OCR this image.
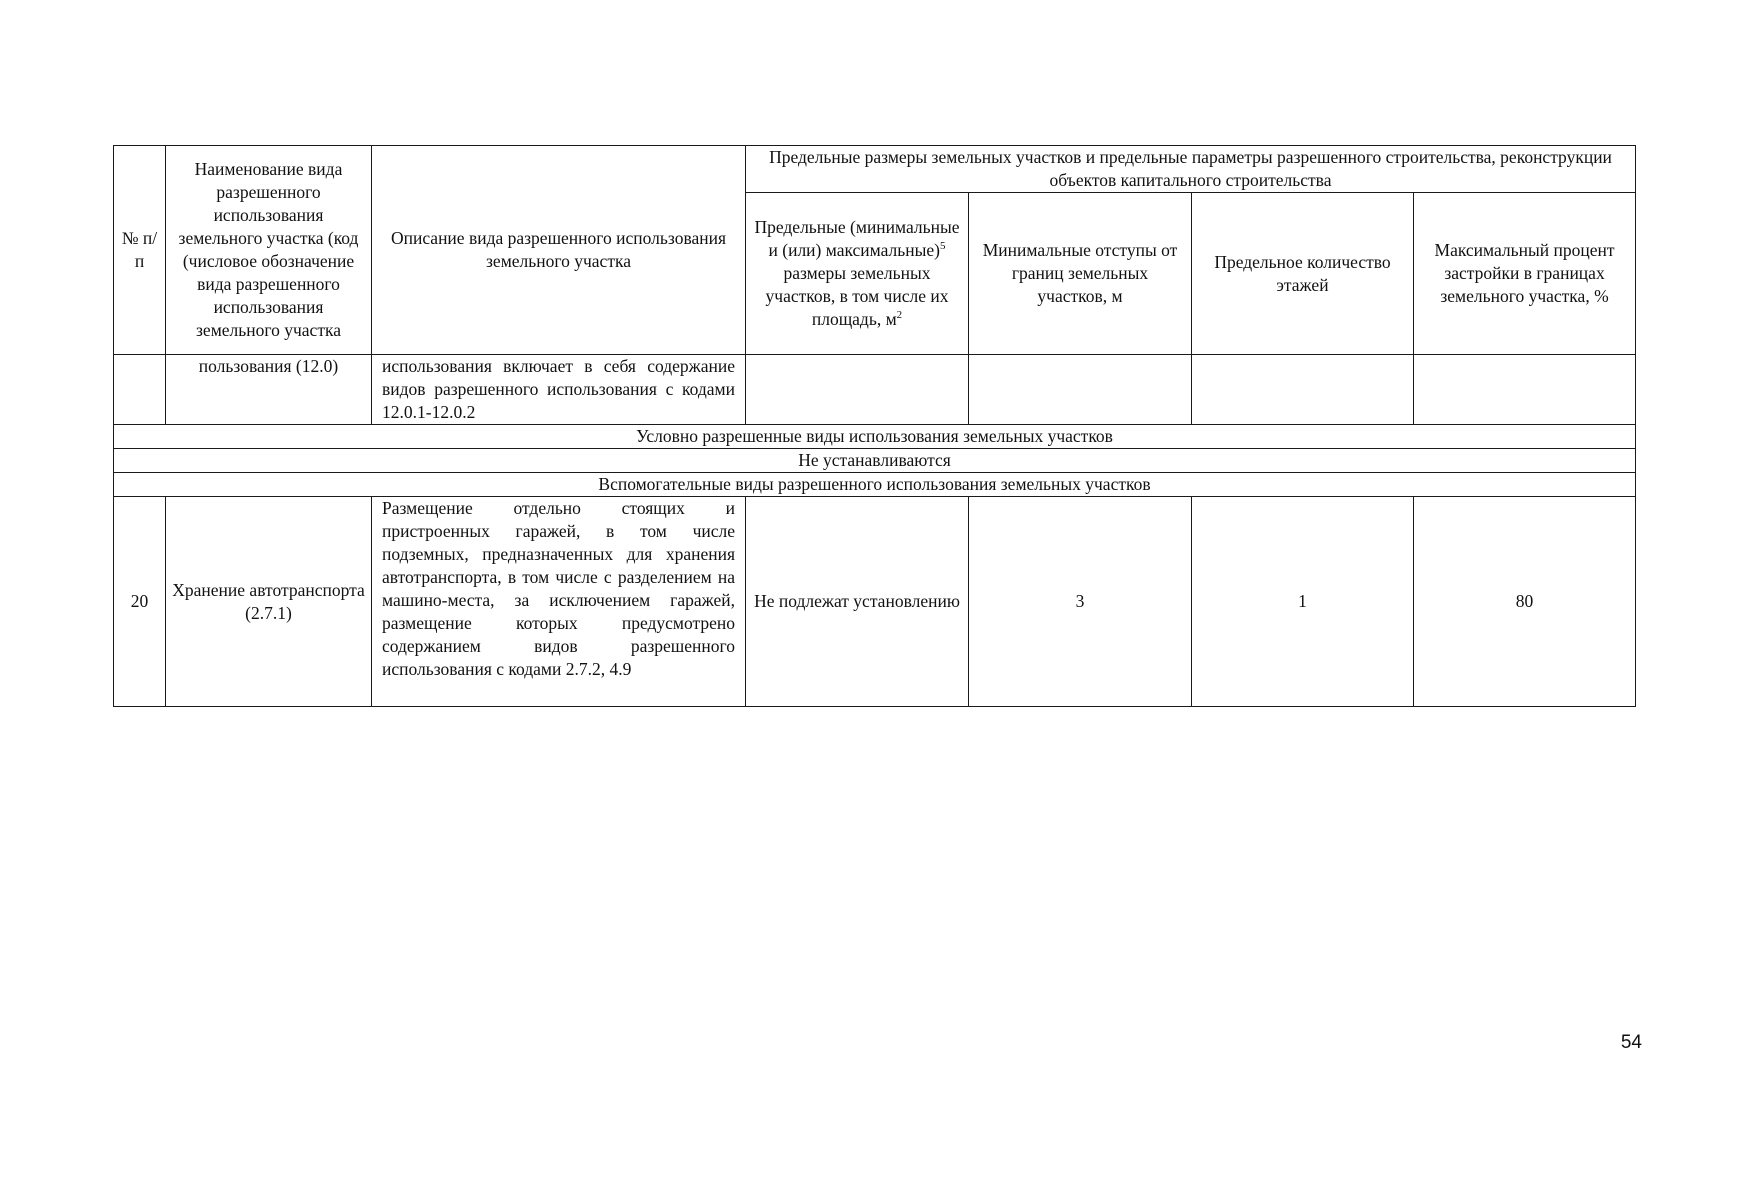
№ п/п	Наименование вида разрешенного использования земельного участка (код (числовое обозначение вида разрешенного использования земельного участка	Описание вида разрешенного использования земельного участка	Предельные размеры земельных участков и предельные параметры разрешенного строительства, реконструкции объектов капитального строительства			
			Предельные (минимальные и (или) максимальные)$^5$ размеры земельных участков, в том числе их площадь, $м^2$	Минимальные отступы от границ земельных участков, м	Предельное количество этажей	Максимальный процент застройки в границах земельного участка, %
	пользования (12.0)	использования включает в себя содержание видов разрешенного использования с кодами 12.0.1-12.0.2				
Условно разрешенные виды использования земельных участков						
Не устанавливаются						
Вспомогательные виды разрешенного использования земельных участков						
20	Хранение автотранспорта (2.7.1)	Размещение отдельно стоящих и пристроенных гаражей, в том числе подземных, предназначенных для хранения автотранспорта, в том числе с разделением на машино-места, за исключением гаражей, размещение которых предусмотрено содержанием видов разрешенного использования с кодами 2.7.2, 4.9	Не подлежат установлению	3	1	80
54
